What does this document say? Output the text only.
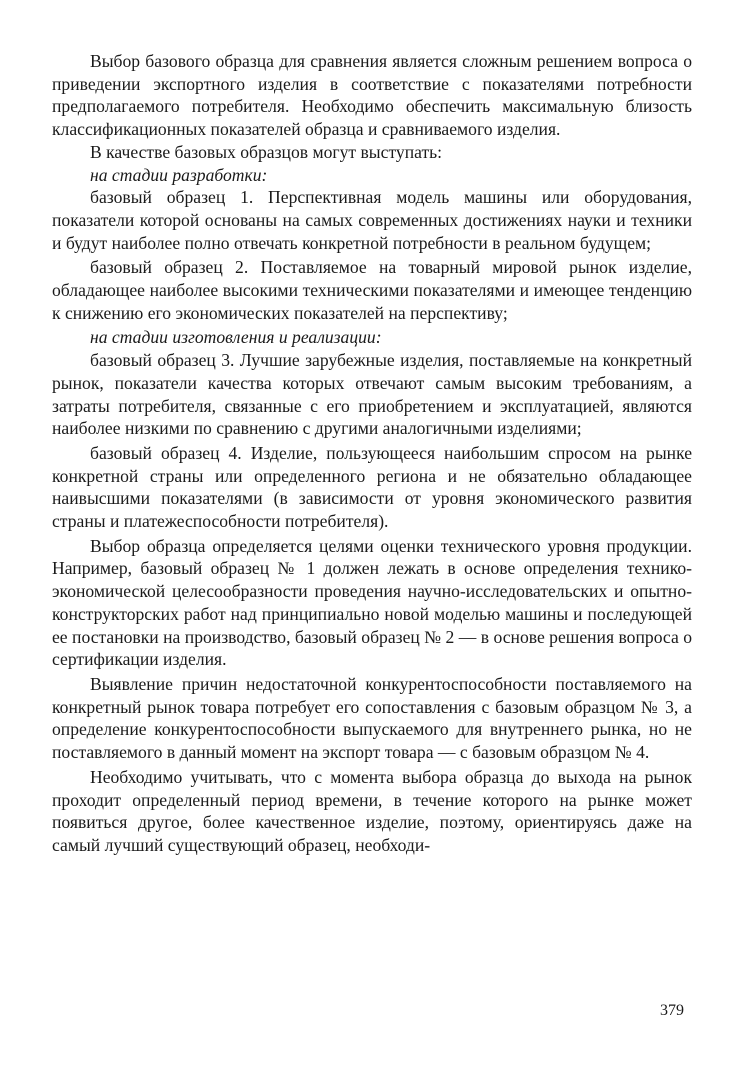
Выбор базового образца для сравнения является сложным решением вопроса о приведении экспортного изделия в соответствие с показателями потребности предполагаемого потребителя. Необходимо обеспечить максимальную близость классификационных показателей образца и сравниваемого изделия.

В качестве базовых образцов могут выступать:

на стадии разработки:

базовый образец 1. Перспективная модель машины или оборудования, показатели которой основаны на самых современных достижениях науки и техники и будут наиболее полно отвечать конкретной потребности в реальном будущем;

базовый образец 2. Поставляемое на товарный мировой рынок изделие, обладающее наиболее высокими техническими показателями и имеющее тенденцию к снижению его экономических показателей на перспективу;

на стадии изготовления и реализации:

базовый образец 3. Лучшие зарубежные изделия, поставляемые на конкретный рынок, показатели качества которых отвечают самым высоким требованиям, а затраты потребителя, связанные с его приобретением и эксплуатацией, являются наиболее низкими по сравнению с другими аналогичными изделиями;

базовый образец 4. Изделие, пользующееся наибольшим спросом на рынке конкретной страны или определенного региона и не обязательно обладающее наивысшими показателями (в зависимости от уровня экономического развития страны и платежеспособности потребителя).

Выбор образца определяется целями оценки технического уровня продукции. Например, базовый образец № 1 должен лежать в основе определения технико-экономической целесообразности проведения научно-исследовательских и опытно-конструкторских работ над принципиально новой моделью машины и последующей ее постановки на производство, базовый образец № 2 — в основе решения вопроса о сертификации изделия.

Выявление причин недостаточной конкурентоспособности поставляемого на конкретный рынок товара потребует его сопоставления с базовым образцом № 3, а определение конкурентоспособности выпускаемого для внутреннего рынка, но не поставляемого в данный момент на экспорт товара — с базовым образцом № 4.

Необходимо учитывать, что с момента выбора образца до выхода на рынок проходит определенный период времени, в течение которого на рынке может появиться другое, более качественное изделие, поэтому, ориентируясь даже на самый лучший существующий образец, необходи-

379
